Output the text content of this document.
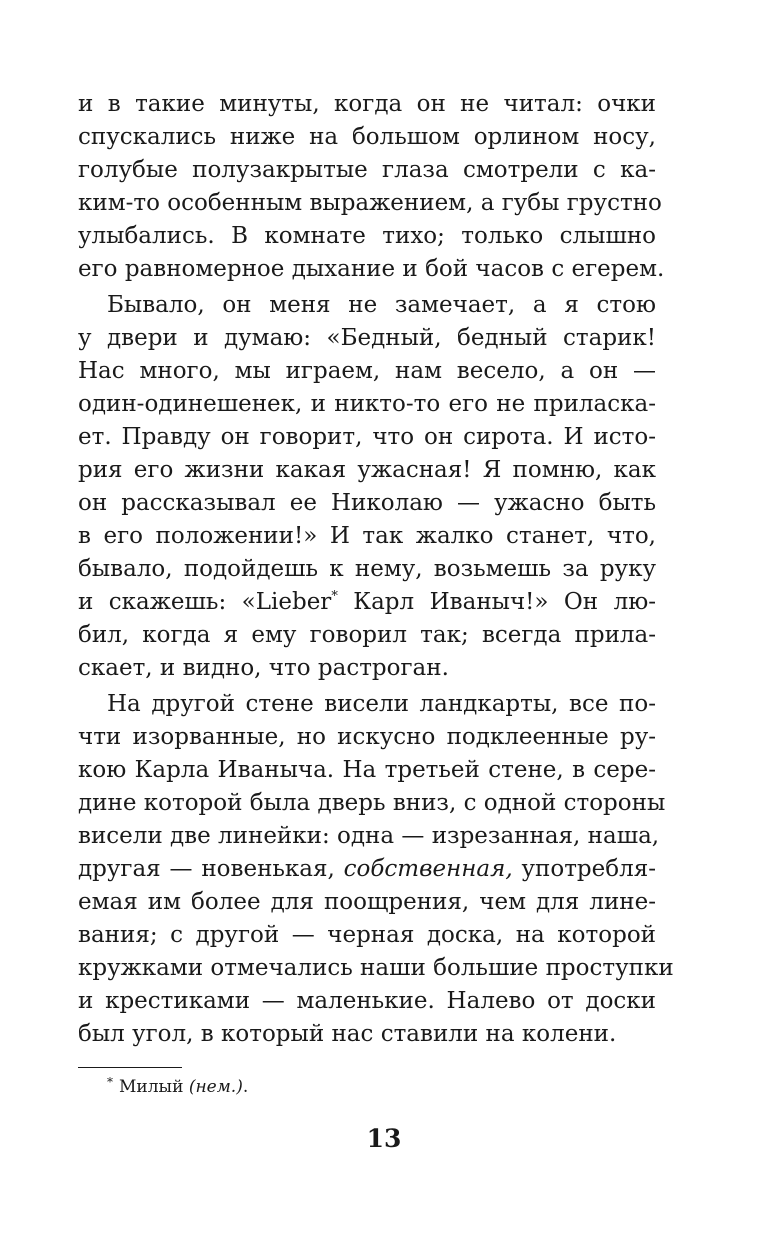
и в такие минуты, когда он не читал: очки
спускались ниже на большом орлином носу,
голубые полузакрытые глаза смотрели с ка-
ким-то особенным выражением, а губы грустно
улыбались. В комнате тихо; только слышно
его равномерное дыхание и бой часов с егерем.
Бывало, он меня не замечает, а я стою
у двери и думаю: «Бедный, бедный старик!
Нас много, мы играем, нам весело, а он —
один-одинешенек, и никто-то его не приласка-
ет. Правду он говорит, что он сирота. И исто-
рия его жизни какая ужасная! Я помню, как
он рассказывал ее Николаю — ужасно быть
в его положении!» И так жалко станет, что,
бывало, подойдешь к нему, возьмешь за руку
и скажешь: «Lieber* Карл Иваныч!» Он лю-
бил, когда я ему говорил так; всегда прила-
скает, и видно, что растроган.
На другой стене висели ландкарты, все по-
чти изорванные, но искусно подклеенные ру-
кою Карла Иваныча. На третьей стене, в сере-
дине которой была дверь вниз, с одной стороны
висели две линейки: одна — изрезанная, наша,
другая — новенькая, собственная, употребля-
емая им более для поощрения, чем для лине-
вания; с другой — черная доска, на которой
кружками отмечались наши большие проступки
и крестиками — маленькие. Налево от доски
был угол, в который нас ставили на колени.
* Милый (нем.).
13
